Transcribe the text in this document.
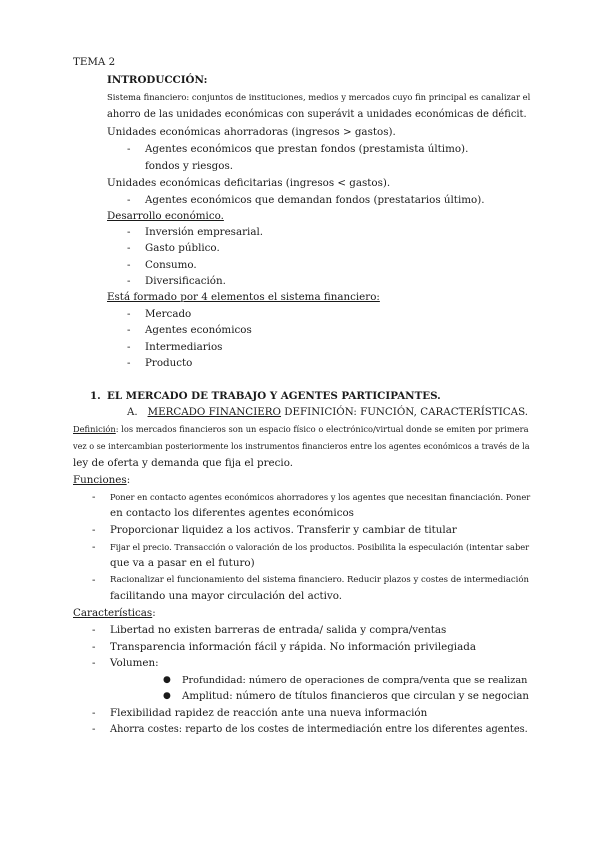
TEMA 2
INTRODUCCIÓN:
Sistema financiero: conjuntos de instituciones, medios y mercados cuyo fin principal es canalizar el
ahorro de las unidades económicas con superávit a unidades económicas de déficit.
Unidades económicas ahorradoras (ingresos > gastos).
- Agentes económicos que prestan fondos (prestamista último).
fondos y riesgos.
Unidades económicas deficitarias (ingresos < gastos).
- Agentes económicos que demandan fondos (prestatarios último).
Desarrollo económico.
- Inversión empresarial.
- Gasto público.
- Consumo.
- Diversificación.
Está formado por 4 elementos el sistema financiero:
- Mercado
- Agentes económicos
- Intermediarios
- Producto
1. EL MERCADO DE TRABAJO Y AGENTES PARTICIPANTES.
A. MERCADO FINANCIERO DEFINICIÓN: FUNCIÓN, CARACTERÍSTICAS.
Definición: los mercados financieros son un espacio físico o electrónico/virtual donde se emiten por primera
vez o se intercambian posteriormente los instrumentos financieros entre los agentes económicos a través de la
ley de oferta y demanda que fija el precio.
Funciones:
- Poner en contacto agentes económicos ahorradores y los agentes que necesitan financiación. Poner
en contacto los diferentes agentes económicos
- Proporcionar liquidez a los activos. Transferir y cambiar de titular
- Fijar el precio. Transacción o valoración de los productos. Posibilita la especulación (intentar saber
que va a pasar en el futuro)
- Racionalizar el funcionamiento del sistema financiero. Reducir plazos y costes de intermediación
facilitando una mayor circulación del activo.
Características:
- Libertad no existen barreras de entrada/ salida y compra/ventas
- Transparencia información fácil y rápida. No información privilegiada
- Volumen:
● Profundidad: número de operaciones de compra/venta que se realizan
● Amplitud: número de títulos financieros que circulan y se negocian
- Flexibilidad rapidez de reacción ante una nueva información
- Ahorra costes: reparto de los costes de intermediación entre los diferentes agentes.
